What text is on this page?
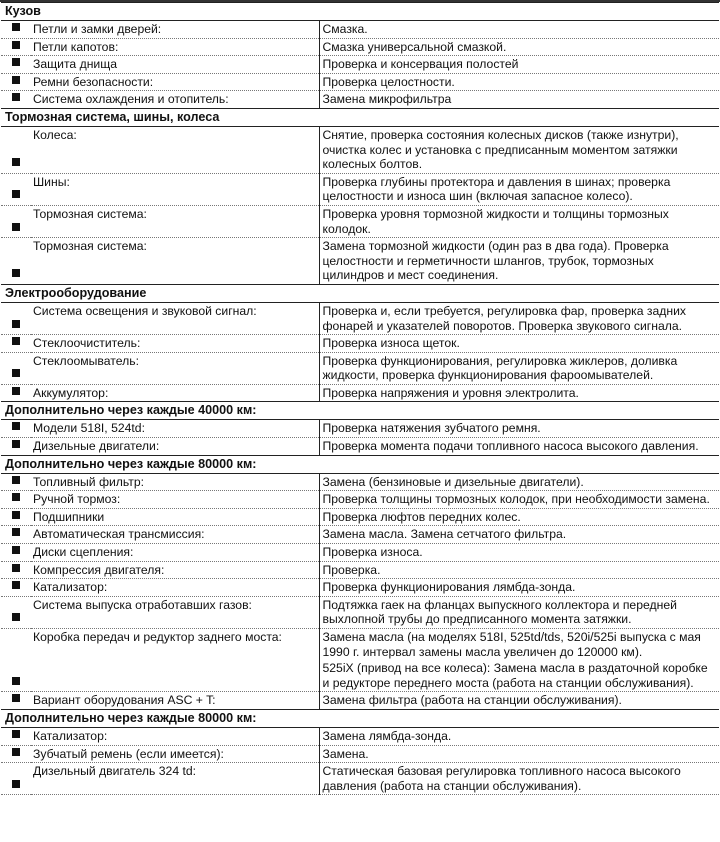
Кузов		
	Петли и замки дверей:	Смазка.

	Петли капотов:	Смазка универсальной смазкой.

	Защита днища	Проверка и консервация полостей

	Ремни безопасности:	Проверка целостности.

	Система охлаждения и отопитель:	Замена микрофильтра

Тормозная система, шины, колеса		
	Колеса:	Снятие, проверка состояния колесных дисков (также изнутри), очистка колес и установка с предписанным моментом затяжки колесных болтов.

	Шины:	Проверка глубины протектора и давления в шинах; проверка целостности и износа шин (включая запасное колесо).

	Тормозная система:	Проверка уровня тормозной жидкости и толщины тормозных колодок.

	Тормозная система:	Замена тормозной жидкости (один раз в два года). Проверка целостности и герметичности шлангов, трубок, тормозных цилиндров и мест соединения.

Электрооборудование		
	Система освещения и звуковой сигнал:	Проверка и, если требуется, регулировка фар, проверка задних фонарей и указателей поворотов. Проверка звукового сигнала.

	Стеклоочиститель:	Проверка износа щеток.

	Стеклоомыватель:	Проверка функционирования, регулировка жиклеров, доливка жидкости, проверка функционирования фароомывателей.

	Аккумулятор:	Проверка напряжения и уровня электролита.

Дополнительно через каждые 40000 км:		
	Модели 518I, 524td:	Проверка натяжения зубчатого ремня.

	Дизельные двигатели:	Проверка момента подачи топливного насоса высокого давления.

Дополнительно через каждые 80000 км:		
	Топливный фильтр:	Замена (бензиновые и дизельные двигатели).

	Ручной тормоз:	Проверка толщины тормозных колодок, при необходимости замена.

	Подшипники	Проверка люфтов передних колес.

	Автоматическая трансмиссия:	Замена масла. Замена сетчатого фильтра.

	Диски сцепления:	Проверка износа.

	Компрессия двигателя:	Проверка.

	Катализатор:	Проверка функционирования лямбда-зонда.

	Система выпуска отработавших газов:	Подтяжка гаек на фланцах выпускного коллектора и передней выхлопной трубы до предписанного момента затяжки.

	Коробка передач и редуктор заднего моста:	Замена масла (на моделях 518I, 525td/tds, 520i/525i выпуска с мая 1990 г. интервал замены масла увеличен до 120000 км).

525iX (привод на все колеса): Замена масла в раздаточной коробке и редукторе переднего моста (работа на станции обслуживания).

	Вариант оборудования ASC + T:	Замена фильтра (работа на станции обслуживания).

Дополнительно через каждые 80000 км:		
	Катализатор:	Замена лямбда-зонда.

	Зубчатый ремень (если имеется):	Замена.

	Дизельный двигатель 324 td:	Статическая базовая регулировка топливного насоса высокого давления (работа на станции обслуживания).
